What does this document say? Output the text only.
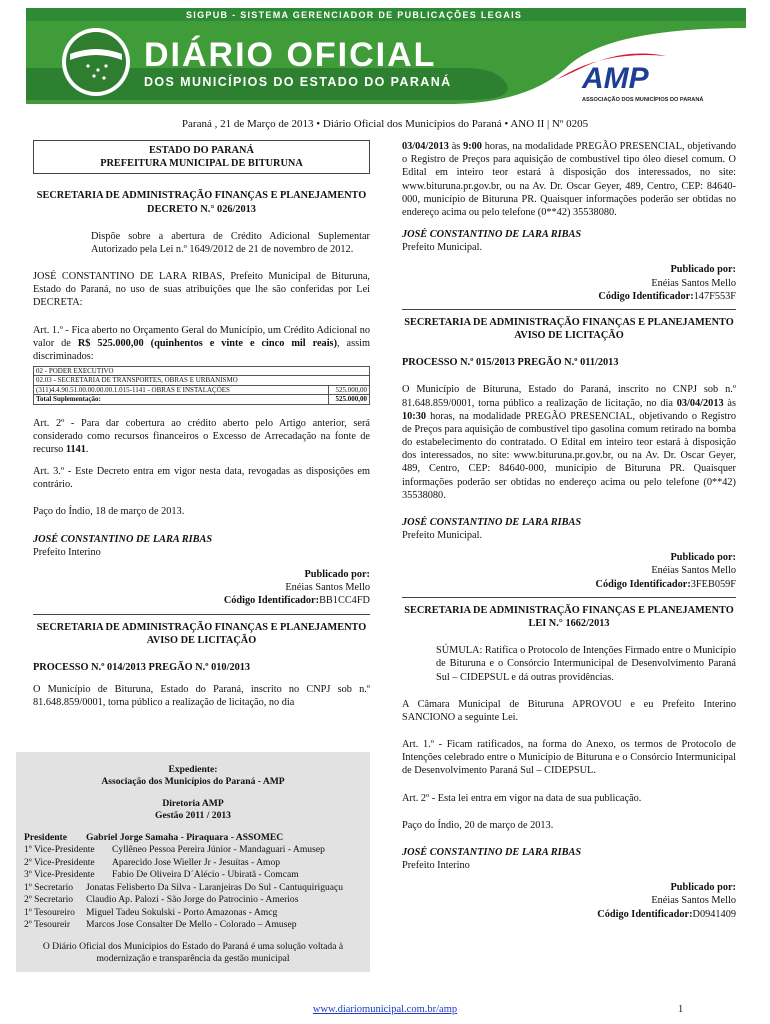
SIGPUB - SISTEMA GERENCIADOR DE PUBLICAÇÕES LEGAIS
DIÁRIO OFICIAL
DOS MUNICÍPIOS DO ESTADO DO PARANÁ	AMP
ASSOCIAÇÃO DOS MUNICÍPIOS DO PARANÁ
Paraná , 21 de Março de 2013 • Diário Oficial dos Municípios do Paraná • ANO II | Nº 0205

ESTADO DO PARANÁ

PREFEITURA MUNICIPAL DE BITURUNA

SECRETARIA DE ADMINISTRAÇÃO FINANÇAS E PLANEJAMENTO

DECRETO N.° 026/2013

Dispõe sobre a abertura de Crédito Adicional Suplementar Autorizado pela Lei n.º 1649/2012 de 21 de novembro de 2012.

JOSÉ CONSTANTINO DE LARA RIBAS, Prefeito Municipal de Bituruna, Estado do Paraná, no uso de suas atribuições que lhe são conferidas por Lei DECRETA:

Art. 1.º - Fica aberto no Orçamento Geral do Município, um Crédito Adicional no valor de R$ 525.000,00 (quinhentos e vinte e cinco mil reais), assim discriminados:

02 - PODER EXECUTIVO	
02.03 - SECRETARIA DE TRANSPORTES, OBRAS E URBANISMO	
(311)4.4.90.51.00.00.00.00.1.015-1141 - OBRAS E INSTALAÇÕES	525.000,00
Total Suplementação:	525.000,00

Art. 2º - Para dar cobertura ao crédito aberto pelo Artigo anterior, será considerado como recursos financeiros o Excesso de Arrecadação na fonte de recurso 1141.

Art. 3.º - Este Decreto entra em vigor nesta data, revogadas as disposições em contrário.

Paço do Índio, 18 de março de 2013.

JOSÉ CONSTANTINO DE LARA RIBAS

Prefeito Interino

Publicado por:

Enéias Santos Mello

Código Identificador:BB1CC4FD

SECRETARIA DE ADMINISTRAÇÃO FINANÇAS E PLANEJAMENTO

AVISO DE LICITAÇÃO

PROCESSO N.º 014/2013 PREGÃO N.º 010/2013

O Município de Bituruna, Estado do Paraná, inscrito no CNPJ sob n.º 81.648.859/0001, torna público a realização de licitação, no dia

Expediente:

Associação dos Municípios do Paraná - AMP

Diretoria AMP

Gestão 2011 / 2013

Presidente	Gabriel Jorge Samaha - Piraquara - ASSOMEC
1º Vice-Presidente	Cyllêneo Pessoa Pereira Júnior - Mandaguari - Amusep
2º Vice-Presidente	Aparecido Jose Wieller Jr - Jesuítas - Amop
3º Vice-Presidente	Fabio De Oliveira D´Alécio - Ubiratã - Comcam
1º Secretario	Jonatas Felisberto Da Silva - Laranjeiras Do Sul - Cantuquiriguaçu
2º Secretario	Claudio Ap. Palozi - São Jorge do Patrocinio - Amerios
1º Tesoureiro	Miguel Tadeu Sokulski - Porto Amazonas - Amcg
2º Tesoureir	Marcos Jose Consalter De Mello - Colorado – Amusep

O Diário Oficial dos Municípios do Estado do Paraná é uma solução voltada à modernização e transparência da gestão municipal

03/04/2013 às 9:00 horas, na modalidade PREGÃO PRESENCIAL, objetivando o Registro de Preços para aquisição de combustível tipo óleo diesel comum. O Edital em inteiro teor estará à disposição dos interessados, no site: www.bituruna.pr.gov.br, ou na Av. Dr. Oscar Geyer, 489, Centro, CEP: 84640-000, município de Bituruna PR. Quaisquer informações poderão ser obtidas no endereço acima ou pelo telefone (0**42) 35538080.

JOSÉ CONSTANTINO DE LARA RIBAS

Prefeito Municipal.

Publicado por:

Enéias Santos Mello

Código Identificador:147F553F

SECRETARIA DE ADMINISTRAÇÃO FINANÇAS E PLANEJAMENTO

AVISO DE LICITAÇÃO

PROCESSO N.º 015/2013 PREGÃO N.º 011/2013

O Município de Bituruna, Estado do Paraná, inscrito no CNPJ sob n.º 81.648.859/0001, torna público a realização de licitação, no dia 03/04/2013 às 10:30 horas, na modalidade PREGÃO PRESENCIAL, objetivando o Registro de Preços para aquisição de combustível tipo gasolina comum retirado na bomba do estabelecimento do contratado. O Edital em inteiro teor estará à disposição dos interessados, no site: www.bituruna.pr.gov.br, ou na Av. Dr. Oscar Geyer, 489, Centro, CEP: 84640-000, município de Bituruna PR. Quaisquer informações poderão ser obtidas no endereço acima ou pelo telefone (0**42) 35538080.

JOSÉ CONSTANTINO DE LARA RIBAS

Prefeito Municipal.

Publicado por:

Enéias Santos Mello

Código Identificador:3FEB059F

SECRETARIA DE ADMINISTRAÇÃO FINANÇAS E PLANEJAMENTO

LEI N.° 1662/2013

SÚMULA: Ratifica o Protocolo de Intenções Firmado entre o Município de Bituruna e o Consórcio Intermunicipal de Desenvolvimento Paraná Sul – CIDEPSUL e dá outras providências.

A Câmara Municipal de Bituruna APROVOU e eu Prefeito Interino SANCIONO a seguinte Lei.

Art. 1.º - Ficam ratificados, na forma do Anexo, os termos de Protocolo de Intenções celebrado entre o Município de Bituruna e o Consórcio Intermunicipal de Desenvolvimento Paraná Sul – CIDEPSUL.

Art. 2º - Esta lei entra em vigor na data de sua publicação.

Paço do Índio, 20 de março de 2013.

JOSÉ CONSTANTINO DE LARA RIBAS

Prefeito Interino

Publicado por:

Enéias Santos Mello

Código Identificador:D0941409

www.diariomunicipal.com.br/amp	1
